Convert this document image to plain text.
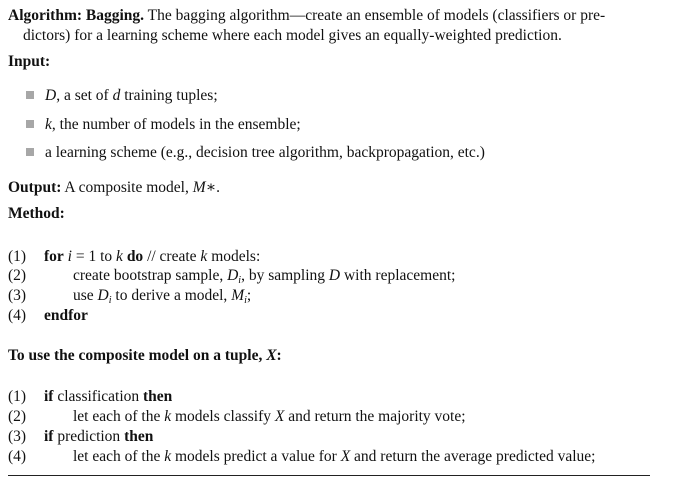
Algorithm: Bagging. The bagging algorithm—create an ensemble of models (classifiers or pre-
dictors) for a learning scheme where each model gives an equally-weighted prediction.
Input:
D, a set of d training tuples;
k, the number of models in the ensemble;
a learning scheme (e.g., decision tree algorithm, backpropagation, etc.)
Output: A composite model, M∗.
Method:
(1) for i = 1 to k do // create k models:
(2)	create bootstrap sample, $D_i$, by sampling D with replacement;
(3)	use $D_i$ to derive a model, $M_i$;
(4) endfor
To use the composite model on a tuple, X:
(1) if classification then
(2)	let each of the k models classify X and return the majority vote;
(3) if prediction then
(4)	let each of the k models predict a value for X and return the average predicted value;
